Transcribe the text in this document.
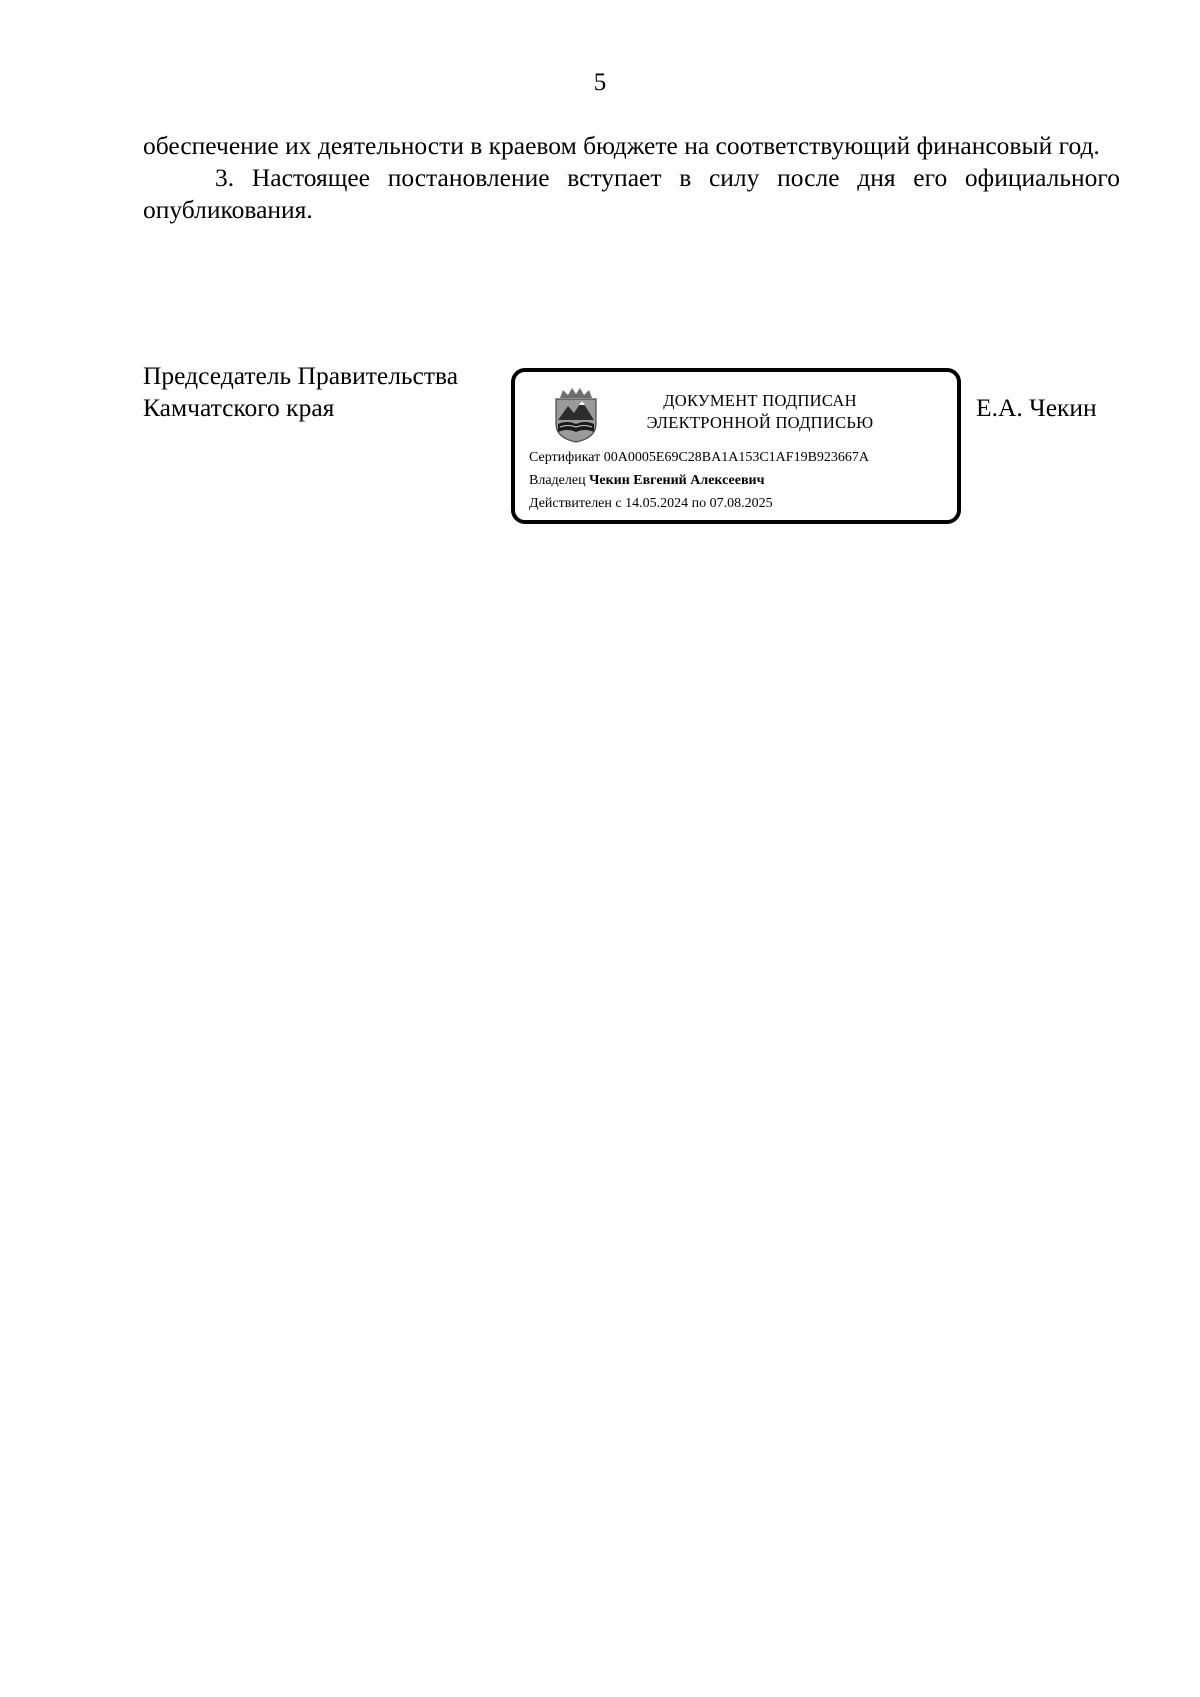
5

обеспечение их деятельности в краевом бюджете на соответствующий финансовый год.

3. Настоящее постановление вступает в силу после дня его официального опубликования.

Председатель Правительства
Камчатского края	ДОКУМЕНТ ПОДПИСАН
ЭЛЕКТРОННОЙ ПОДПИСЬЮ
Сертификат 00A0005E69C28BA1A153C1AF19B923667A
Владелец Чекин Евгений Алексеевич
Действителен с 14.05.2024 по 07.08.2025
Е.А. Чекин
